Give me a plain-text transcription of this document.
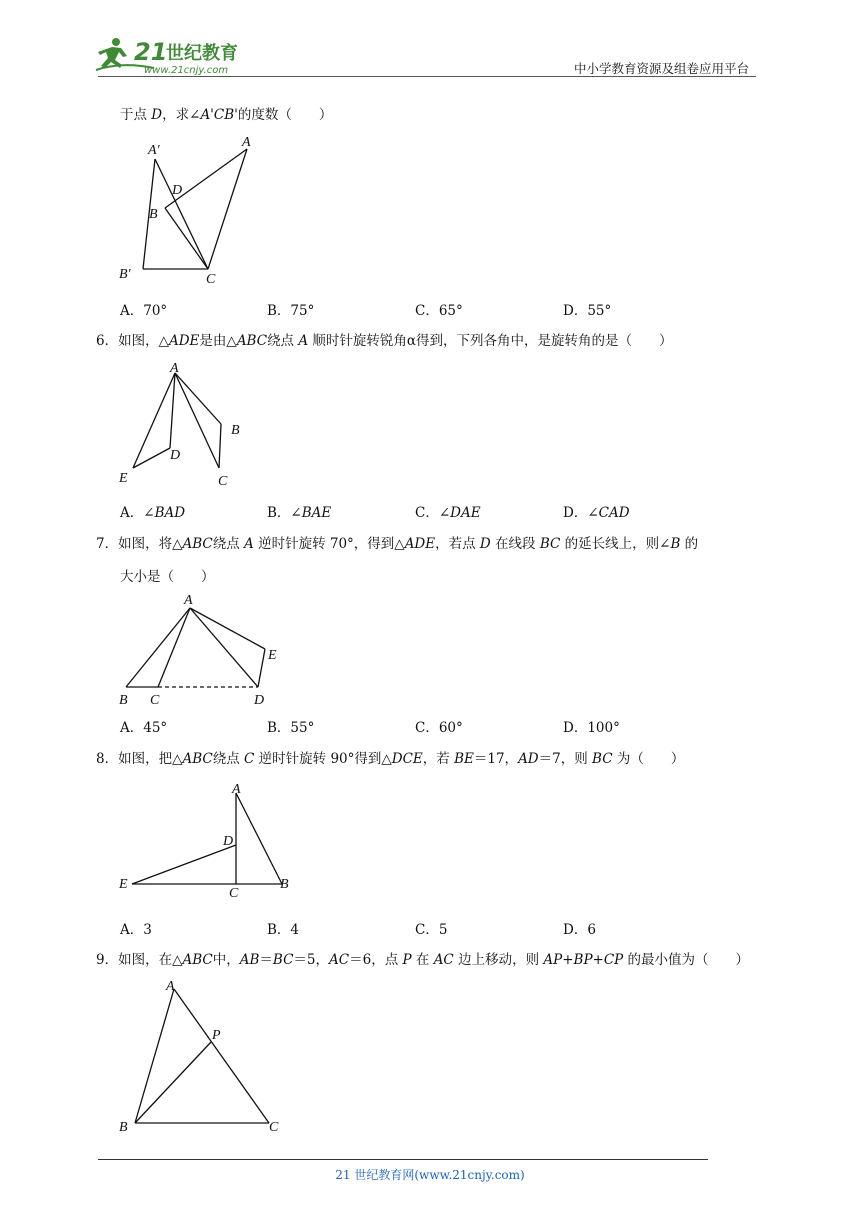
21
世纪教育
www.21cnjy.com	中小学教育资源及组卷应用平台
于点 D，求∠A'CB'的度数（　　）
A′
A
D
B
B′	C
A．70°	B．75°	C．65°	D．55°
6．如图，△ADE是由△ABC绕点 A 顺时针旋转锐角α得到，下列各角中，是旋转角的是（　　）
A
B
C
D
E
A．∠BAD	B．∠BAE	C．∠DAE	D．∠CAD
7．如图，将△ABC绕点 A 逆时针旋转 70°，得到△ADE，若点 D 在线段 BC 的延长线上，则∠B 的
大小是（　　）
A
B C	D
E
A．45°	B．55°	C．60°	D．100°
8．如图，把△ABC绕点 C 逆时针旋转 90°得到△DCE，若 BE＝17，AD＝7，则 BC 为（　　）
A
D
E
C
B
A．3	B．4	C．5	D．6
9．如图，在△ABC中，AB＝BC＝5，AC＝6，点 P 在 AC 边上移动，则 AP+BP+CP 的最小值为（　　）
A
P
B	C
21 世纪教育网(www.21cnjy.com)
